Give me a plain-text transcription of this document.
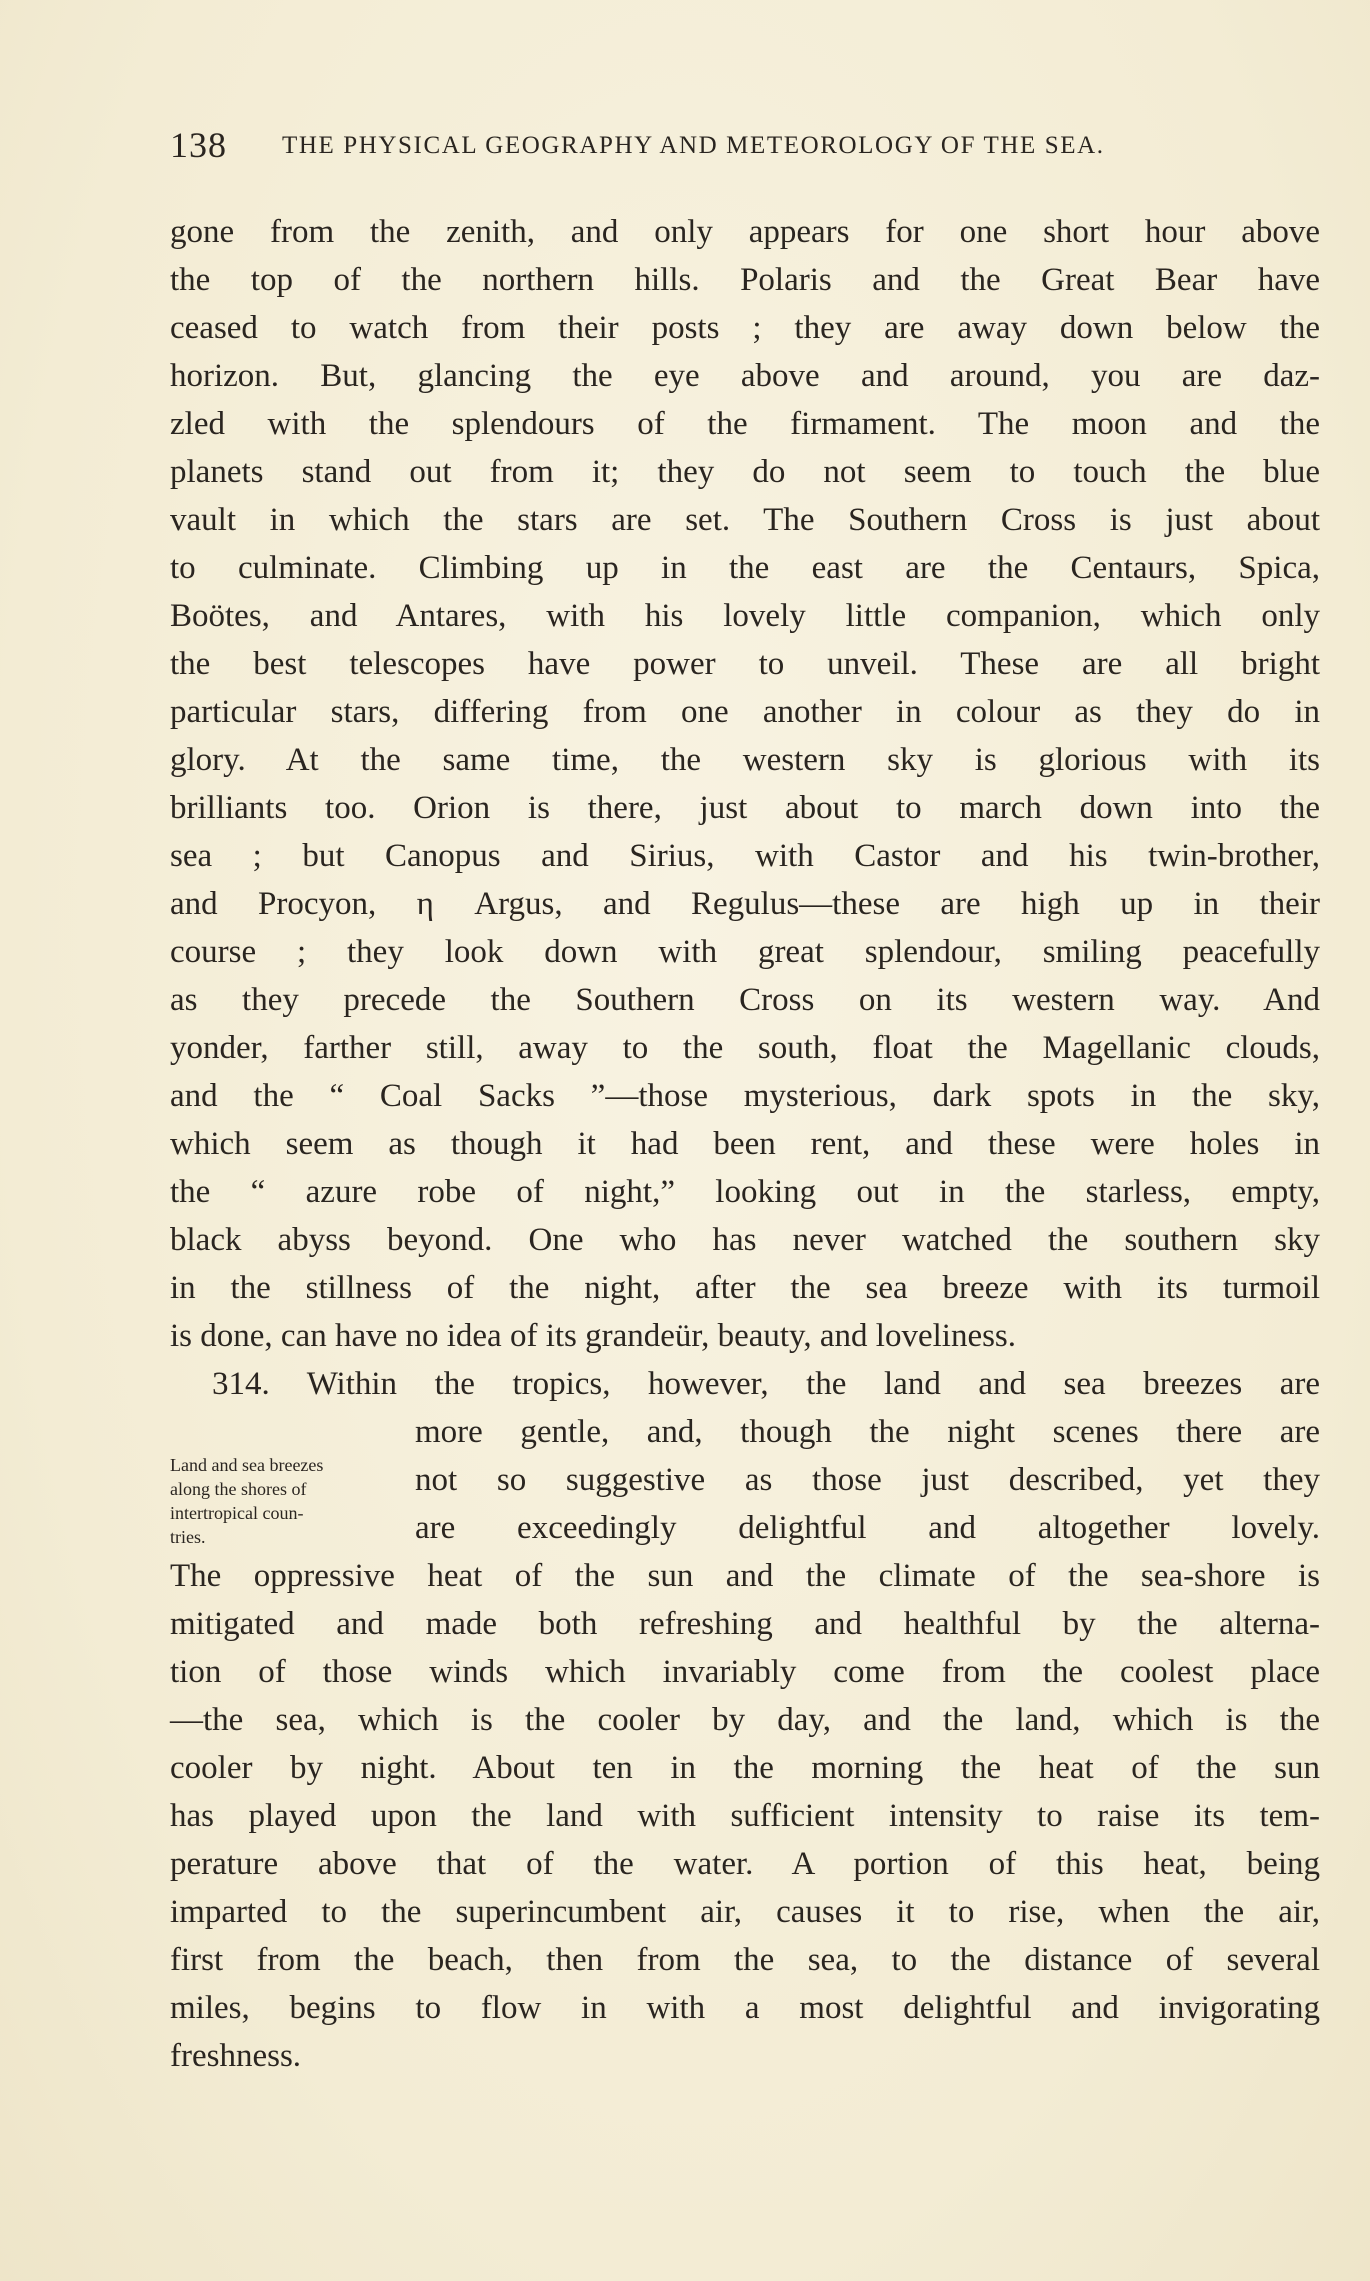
138 THE PHYSICAL GEOGRAPHY AND METEOROLOGY OF THE SEA.
gone from the zenith, and only appears for one short hour above
the top of the northern hills. Polaris and the Great Bear have
ceased to watch from their posts ; they are away down below the
horizon. But, glancing the eye above and around, you are daz-
zled with the splendours of the firmament. The moon and the
planets stand out from it; they do not seem to touch the blue
vault in which the stars are set. The Southern Cross is just about
to culminate. Climbing up in the east are the Centaurs, Spica,
Boötes, and Antares, with his lovely little companion, which only
the best telescopes have power to unveil. These are all bright
particular stars, differing from one another in colour as they do in
glory. At the same time, the western sky is glorious with its
brilliants too. Orion is there, just about to march down into the
sea ; but Canopus and Sirius, with Castor and his twin-brother,
and Procyon, η Argus, and Regulus—these are high up in their
course ; they look down with great splendour, smiling peacefully
as they precede the Southern Cross on its western way. And
yonder, farther still, away to the south, float the Magellanic clouds,
and the “ Coal Sacks ”—those mysterious, dark spots in the sky,
which seem as though it had been rent, and these were holes in
the “ azure robe of night,” looking out in the starless, empty,
black abyss beyond. One who has never watched the southern sky
in the stillness of the night, after the sea breeze with its turmoil
is done, can have no idea of its grandeür, beauty, and loveliness.
314. Within the tropics, however, the land and sea breezes are
more gentle, and, though the night scenes there are
not so suggestive as those just described, yet they
are exceedingly delightful and altogether lovely.
The oppressive heat of the sun and the climate of the sea-shore is
mitigated and made both refreshing and healthful by the alterna-
tion of those winds which invariably come from the coolest place
—the sea, which is the cooler by day, and the land, which is the
cooler by night. About ten in the morning the heat of the sun
has played upon the land with sufficient intensity to raise its tem-
perature above that of the water. A portion of this heat, being
imparted to the superincumbent air, causes it to rise, when the air,
first from the beach, then from the sea, to the distance of several
miles, begins to flow in with a most delightful and invigorating
freshness.
Land and sea breezes
along the shores of
intertropical coun-
tries.
